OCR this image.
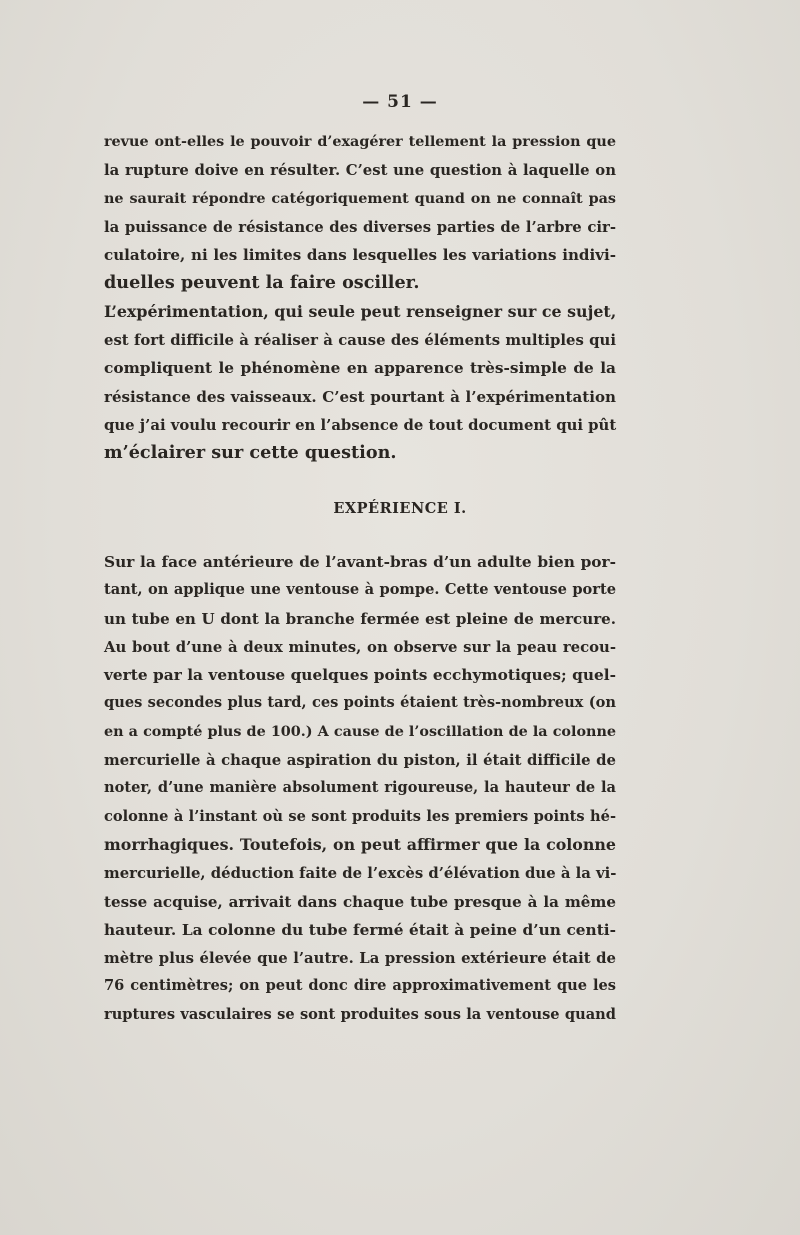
— 51 —
revue ont-elles le pouvoir d’exagérer tellement la pression que
la rupture doive en résulter. C’est une question à laquelle on
ne saurait répondre catégoriquement quand on ne connaît pas
la puissance de résistance des diverses parties de l’arbre cir-
culatoire, ni les limites dans lesquelles les variations indivi-
duelles peuvent la faire osciller.
L’expérimentation, qui seule peut renseigner sur ce sujet,
est fort difficile à réaliser à cause des éléments multiples qui
compliquent le phénomène en apparence très-simple de la
résistance des vaisseaux. C’est pourtant à l’expérimentation
que j’ai voulu recourir en l’absence de tout document qui pût
m’éclairer sur cette question.
EXPÉRIENCE I.
Sur la face antérieure de l’avant-bras d’un adulte bien por-
tant, on applique une ventouse à pompe. Cette ventouse porte
un tube en U dont la branche fermée est pleine de mercure.
Au bout d’une à deux minutes, on observe sur la peau recou-
verte par la ventouse quelques points ecchymotiques; quel-
ques secondes plus tard, ces points étaient très-nombreux (on
en a compté plus de 100.) A cause de l’oscillation de la colonne
mercurielle à chaque aspiration du piston, il était difficile de
noter, d’une manière absolument rigoureuse, la hauteur de la
colonne à l’instant où se sont produits les premiers points hé-
morrhagiques. Toutefois, on peut affirmer que la colonne
mercurielle, déduction faite de l’excès d’élévation due à la vi-
tesse acquise, arrivait dans chaque tube presque à la même
hauteur. La colonne du tube fermé était à peine d’un centi-
mètre plus élevée que l’autre. La pression extérieure était de
76 centimètres; on peut donc dire approximativement que les
ruptures vasculaires se sont produites sous la ventouse quand
